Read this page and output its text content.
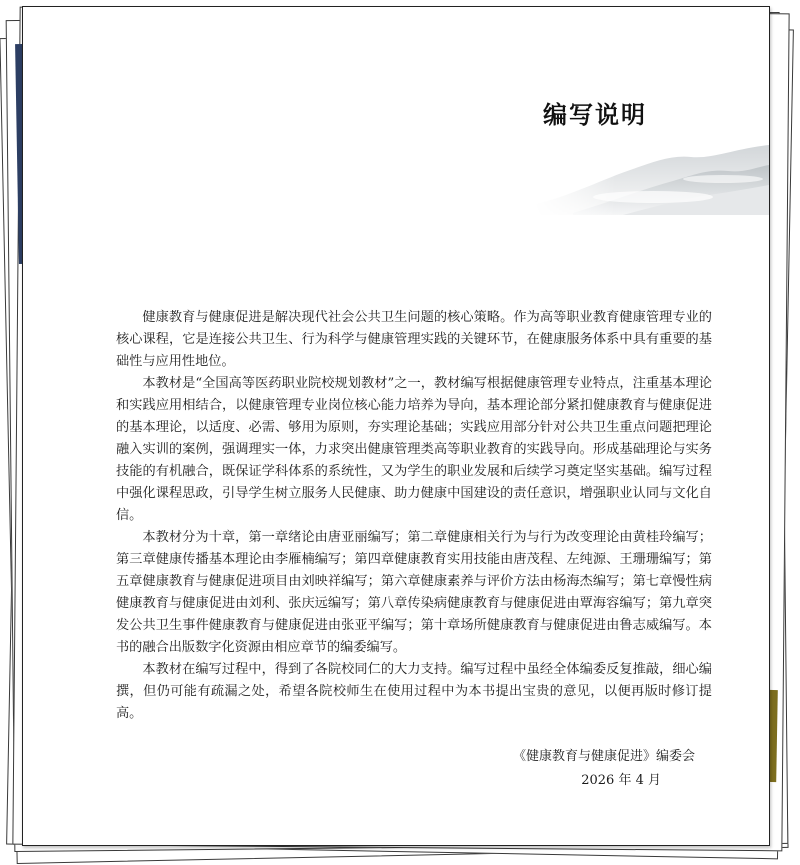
编写说明

健康教育与健康促进是解决现代社会公共卫生问题的核心策略。作为高等职业教育健康管理专业的核心课程，它是连接公共卫生、行为科学与健康管理实践的关键环节，在健康服务体系中具有重要的基础性与应用性地位。

本教材是“全国高等医药职业院校规划教材”之一，教材编写根据健康管理专业特点，注重基本理论和实践应用相结合，以健康管理专业岗位核心能力培养为导向，基本理论部分紧扣健康教育与健康促进的基本理论，以适度、必需、够用为原则，夯实理论基础；实践应用部分针对公共卫生重点问题把理论融入实训的案例，强调理实一体，力求突出健康管理类高等职业教育的实践导向。形成基础理论与实务技能的有机融合，既保证学科体系的系统性，又为学生的职业发展和后续学习奠定坚实基础。编写过程中强化课程思政，引导学生树立服务人民健康、助力健康中国建设的责任意识，增强职业认同与文化自信。

本教材分为十章，第一章绪论由唐亚丽编写；第二章健康相关行为与行为改变理论由黄桂玲编写；第三章健康传播基本理论由李雁楠编写；第四章健康教育实用技能由唐茂程、左纯源、王珊珊编写；第五章健康教育与健康促进项目由刘映祥编写；第六章健康素养与评价方法由杨海杰编写；第七章慢性病健康教育与健康促进由刘利、张庆远编写；第八章传染病健康教育与健康促进由覃海容编写；第九章突发公共卫生事件健康教育与健康促进由张亚平编写；第十章场所健康教育与健康促进由鲁志威编写。本书的融合出版数字化资源由相应章节的编委编写。

本教材在编写过程中，得到了各院校同仁的大力支持。编写过程中虽经全体编委反复推敲，细心编撰，但仍可能有疏漏之处，希望各院校师生在使用过程中为本书提出宝贵的意见，以便再版时修订提高。

《健康教育与健康促进》编委会
2026 年 4 月
